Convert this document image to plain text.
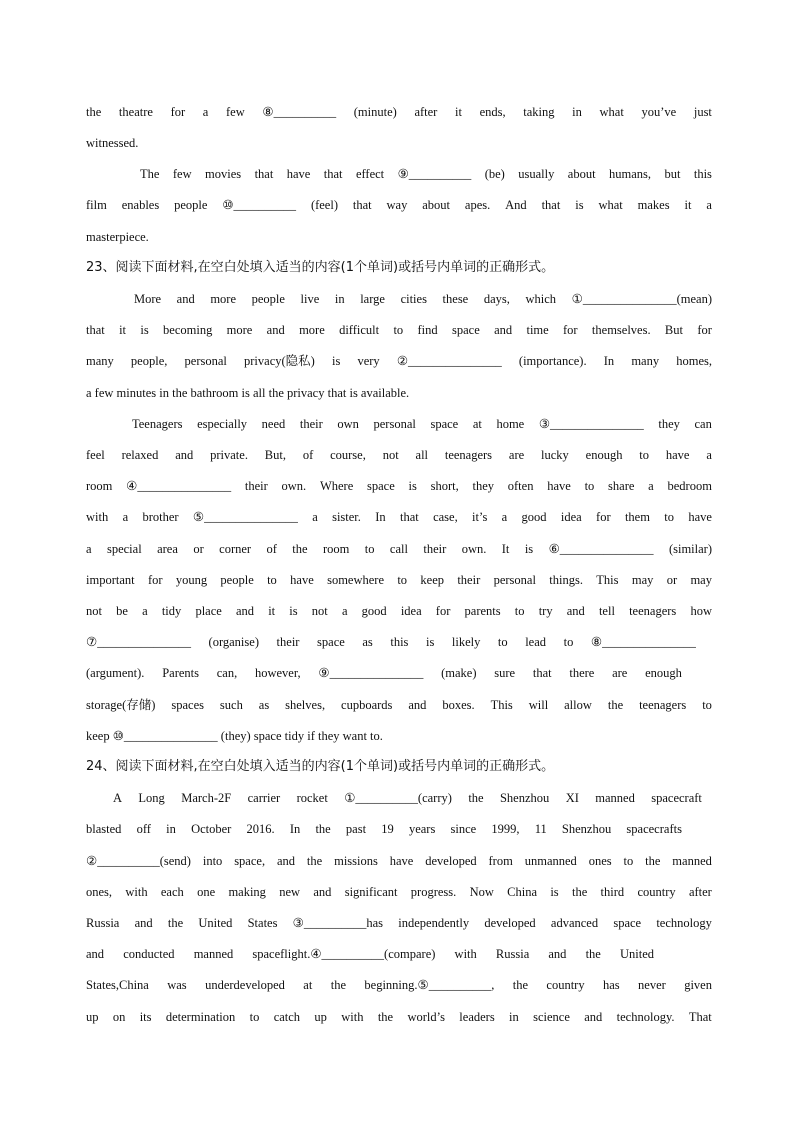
the theatre for a few ⑧__________ (minute) after it ends, taking in what you’ve just
witnessed.
The few movies that have that effect ⑨__________ (be) usually about humans, but this
film enables people ⑩__________ (feel) that way about apes. And that is what makes it a
masterpiece.
23、阅读下面材料,在空白处填入适当的内容(1个单词)或括号内单词的正确形式。
More and more people live in large cities these days, which ①_______________(mean)
that it is becoming more and more difficult to find space and time for themselves. But for
many people, personal privacy(隐私) is very ②_______________ (importance). In many homes,
a few minutes in the bathroom is all the privacy that is available.
Teenagers especially need their own personal space at home ③_______________ they can
feel relaxed and private. But, of course, not all teenagers are lucky enough to have a
room ④_______________ their own. Where space is short, they often have to share a bedroom
with a brother ⑤_______________ a sister. In that case, it’s a good idea for them to have
a special area or corner of the room to call their own. It is ⑥_______________ (similar)
important for young people to have somewhere to keep their personal things. This may or may
not be a tidy place and it is not a good idea for parents to try and tell teenagers how
⑦_______________ (organise) their space as this is likely to lead to ⑧_______________
(argument). Parents can, however, ⑨_______________ (make) sure that there are enough
storage(存储) spaces such as shelves, cupboards and boxes. This will allow the teenagers to
keep ⑩_______________ (they) space tidy if they want to.
24、阅读下面材料,在空白处填入适当的内容(1个单词)或括号内单词的正确形式。
A Long March-2F carrier rocket ①__________(carry) the Shenzhou XI manned spacecraft
blasted off in October 2016. In the past 19 years since 1999, 11 Shenzhou spacecrafts
②__________(send) into space, and the missions have developed from unmanned ones to the manned
ones, with each one making new and significant progress. Now China is the third country after
Russia and the United States ③__________has independently developed advanced space technology
and conducted manned spaceflight.④__________(compare) with Russia and the United
States,China was underdeveloped at the beginning.⑤__________, the country has never given
up on its determination to catch up with the world’s leaders in science and technology. That
